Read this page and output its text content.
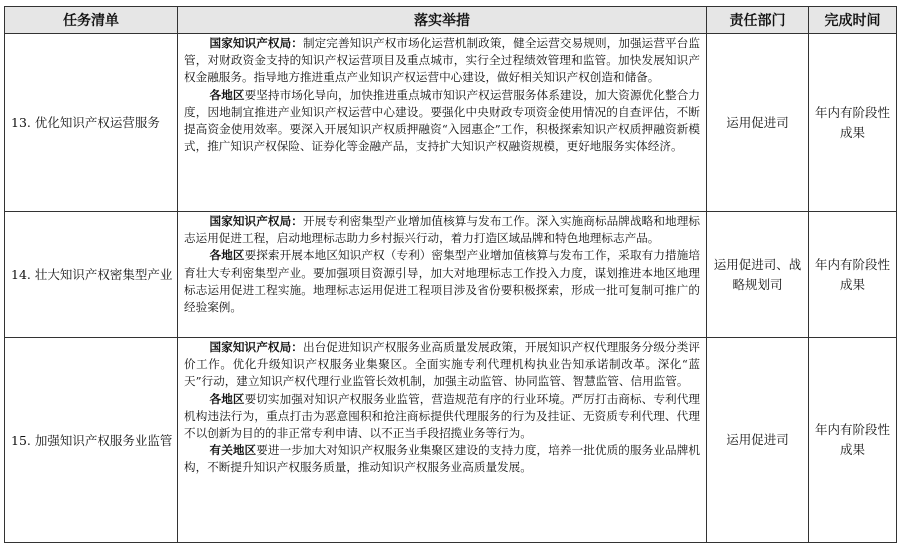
任务清单	落实举措	责任部门	完成时间
13. 优化知识产权运营服务	国家知识产权局：制定完善知识产权市场化运营机制政策，健全运营交易规则，加强运营平台监管，对财政资金支持的知识产权运营项目及重点城市，实行全过程绩效管理和监管。加快发展知识产权金融服务。指导地方推进重点产业知识产权运营中心建设，做好相关知识产权创造和储备。

各地区要坚持市场化导向，加快推进重点城市知识产权运营服务体系建设，加大资源优化整合力度，因地制宜推进产业知识产权运营中心建设。要强化中央财政专项资金使用情况的自查评估，不断提高资金使用效率。要深入开展知识产权质押融资“入园惠企”工作，积极探索知识产权质押融资新模式，推广知识产权保险、证券化等金融产品，支持扩大知识产权融资规模，更好地服务实体经济。	运用促进司	年内有阶段性成果
14. 壮大知识产权密集型产业	国家知识产权局：开展专利密集型产业增加值核算与发布工作。深入实施商标品牌战略和地理标志运用促进工程，启动地理标志助力乡村振兴行动，着力打造区域品牌和特色地理标志产品。

各地区要探索开展本地区知识产权（专利）密集型产业增加值核算与发布工作，采取有力措施培育壮大专利密集型产业。要加强项目资源引导，加大对地理标志工作投入力度，谋划推进本地区地理标志运用促进工程实施。地理标志运用促进工程项目涉及省份要积极探索，形成一批可复制可推广的经验案例。	运用促进司、战略规划司	年内有阶段性成果
15. 加强知识产权服务业监管	国家知识产权局：出台促进知识产权服务业高质量发展政策，开展知识产权代理服务分级分类评价工作。优化升级知识产权服务业集聚区。全面实施专利代理机构执业告知承诺制改革。深化“蓝天”行动，建立知识产权代理行业监管长效机制，加强主动监管、协同监管、智慧监管、信用监管。

各地区要切实加强对知识产权服务业监管，营造规范有序的行业环境。严厉打击商标、专利代理机构违法行为，重点打击为恶意囤积和抢注商标提供代理服务的行为及挂证、无资质专利代理、代理不以创新为目的的非正常专利申请、以不正当手段招揽业务等行为。

有关地区要进一步加大对知识产权服务业集聚区建设的支持力度，培养一批优质的服务业品牌机构，不断提升知识产权服务质量，推动知识产权服务业高质量发展。	运用促进司	年内有阶段性成果
